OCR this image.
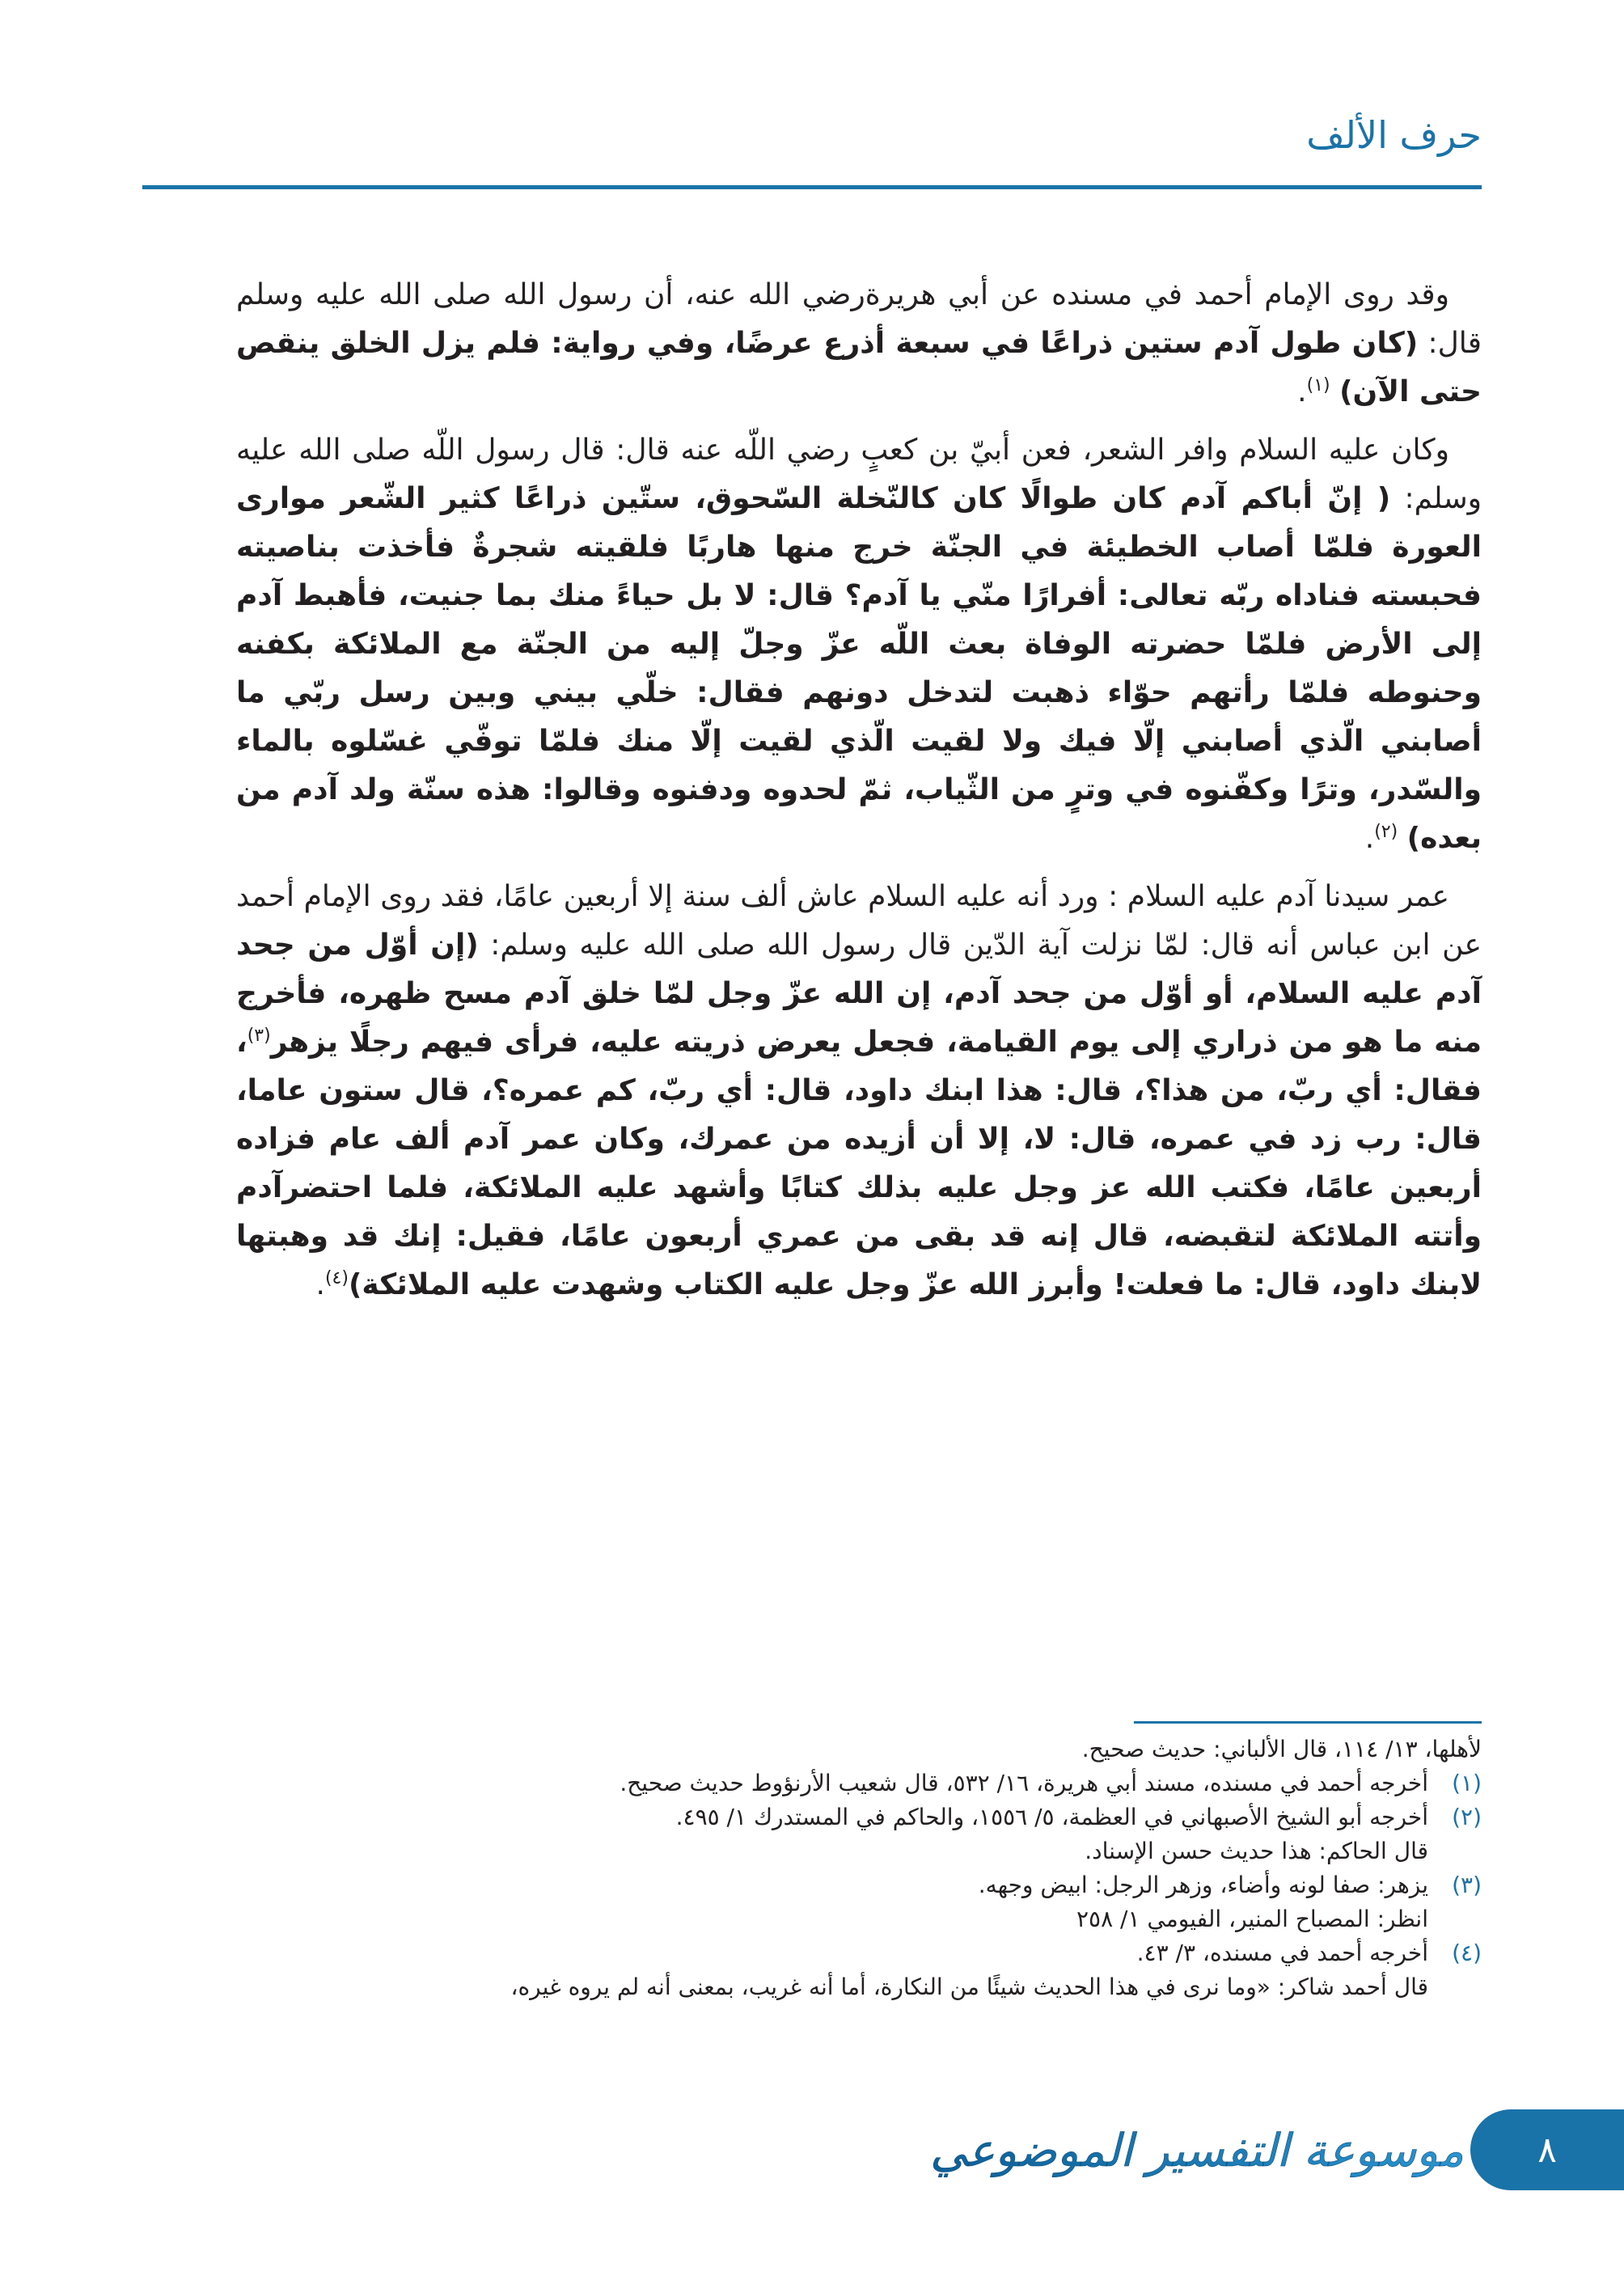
حرف الألف

وقد روى الإمام أحمد في مسنده عن أبي هريرةرضي الله عنه، أن رسول الله صلى الله عليه وسلم قال: (كان طول آدم ستين ذراعًا في سبعة أذرع عرضًا، وفي رواية: فلم يزل الخلق ينقص حتى الآن) $^{(١)}$.

وكان عليه السلام وافر الشعر، فعن أبيّ بن كعبٍ رضي اللّه عنه قال: قال رسول اللّه صلى الله عليه وسلم: ( إنّ أباكم آدم كان طوالًا كان كالنّخلة السّحوق، ستّين ذراعًا كثير الشّعر موارى العورة فلمّا أصاب الخطيئة في الجنّة خرج منها هاربًا فلقيته شجرةٌ فأخذت بناصيته فحبسته فناداه ربّه تعالى: أفرارًا منّي يا آدم؟ قال: لا بل حياءً منك بما جنيت، فأهبط آدم إلى الأرض فلمّا حضرته الوفاة بعث اللّه عزّ وجلّ إليه من الجنّة مع الملائكة بكفنه وحنوطه فلمّا رأتهم حوّاء ذهبت لتدخل دونهم فقال: خلّي بيني وبين رسل ربّي ما أصابني الّذي أصابني إلّا فيك ولا لقيت الّذي لقيت إلّا منك فلمّا توفّي غسّلوه بالماء والسّدر، وترًا وكفّنوه في وترٍ من الثّياب، ثمّ لحدوه ودفنوه وقالوا: هذه سنّة ولد آدم من بعده) $^{(٢)}$.

عمر سيدنا آدم عليه السلام : ورد أنه عليه السلام عاش ألف سنة إلا أربعين عامًا، فقد روى الإمام أحمد عن ابن عباس أنه قال: لمّا نزلت آية الدّين قال رسول الله صلى الله عليه وسلم: (إن أوّل من جحد آدم عليه السلام، أو أوّل من جحد آدم، إن الله عزّ وجل لمّا خلق آدم مسح ظهره، فأخرج منه ما هو من ذراري إلى يوم القيامة، فجعل يعرض ذريته عليه، فرأى فيهم رجلًا يزهر$^{(٣)}$، فقال: أي ربّ، من هذا؟، قال: هذا ابنك داود، قال: أي ربّ، كم عمره؟، قال ستون عاما، قال: رب زد في عمره، قال: لا، إلا أن أزيده من عمرك، وكان عمر آدم ألف عام فزاده أربعين عامًا، فكتب الله عز وجل عليه بذلك كتابًا وأشهد عليه الملائكة، فلما احتضرآدم وأتته الملائكة لتقبضه، قال إنه قد بقى من عمري أربعون عامًا، فقيل: إنك قد وهبتها لابنك داود، قال: ما فعلت! وأبرز الله عزّ وجل عليه الكتاب وشهدت عليه الملائكة)$^{(٤)}$.

لأهلها، ١٣/ ١١٤، قال الألباني: حديث صحيح.

(١)
أخرجه أحمد في مسنده، مسند أبي هريرة، ١٦/ ٥٣٢، قال شعيب الأرنؤوط حديث صحيح.
(٢)
أخرجه أبو الشيخ الأصبهاني في العظمة، ٥/ ١٥٥٦، والحاكم في المستدرك ١/ ٤٩٥.

قال الحاكم: هذا حديث حسن الإسناد.

(٣)
يزهر: صفا لونه وأضاء، وزهر الرجل: ابيض وجهه.

انظر: المصباح المنير، الفيومي ١/ ٢٥٨

(٤)
أخرجه أحمد في مسنده، ٣/ ٤٣.

قال أحمد شاكر: «وما نرى في هذا الحديث شيئًا من النكارة، أما أنه غريب، بمعنى أنه لم يروه غيره،

موسوعة التفسير الموضوعي ٨
